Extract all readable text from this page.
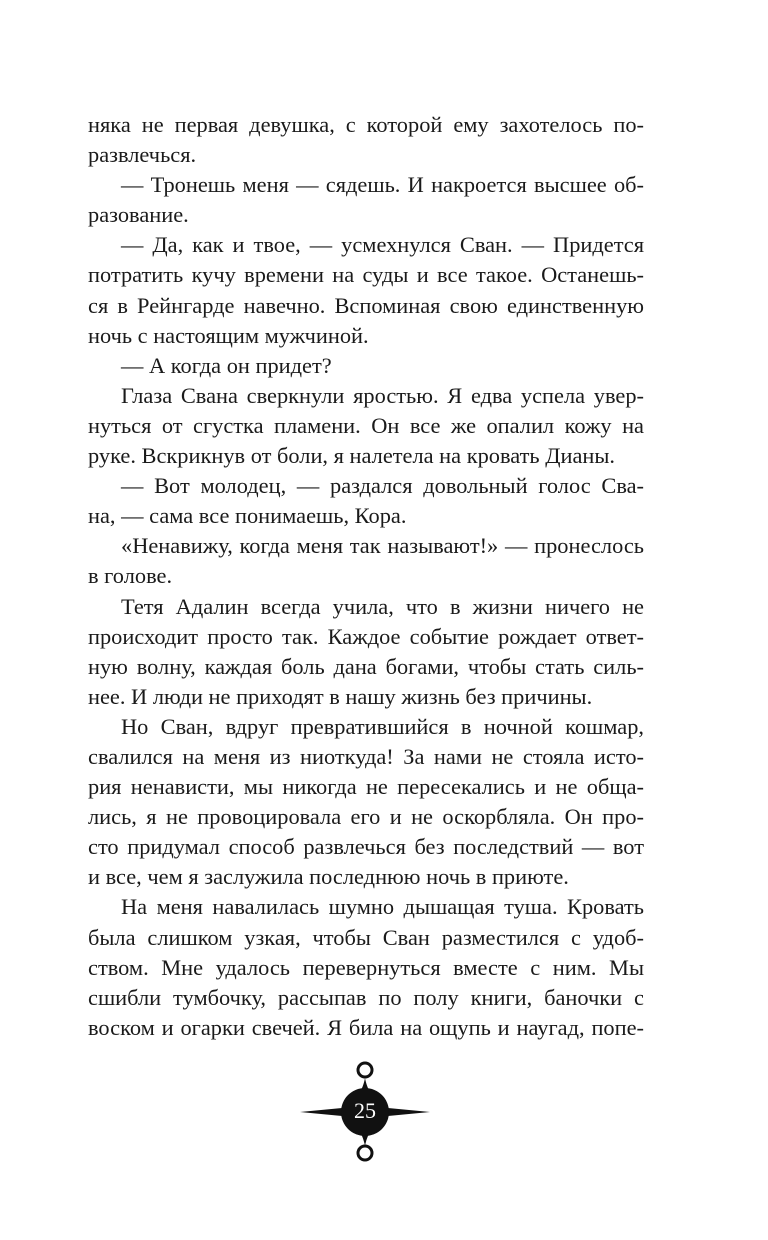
няка не первая девушка, с которой ему захотелось по-
развлечься.
— Тронешь меня — сядешь. И накроется высшее об-
разование.
— Да, как и твое, — усмехнулся Сван. — Придется
потратить кучу времени на суды и все такое. Останешь-
ся в Рейнгарде навечно. Вспоминая свою единственную
ночь с настоящим мужчиной.
— А когда он придет?
Глаза Свана сверкнули яростью. Я едва успела увер-
нуться от сгустка пламени. Он все же опалил кожу на
руке. Вскрикнув от боли, я налетела на кровать Дианы.
— Вот молодец, — раздался довольный голос Сва-
на, — сама все понимаешь, Кора.
«Ненавижу, когда меня так называют!» — пронеслось
в голове.
Тетя Адалин всегда учила, что в жизни ничего не
происходит просто так. Каждое событие рождает ответ-
ную волну, каждая боль дана богами, чтобы стать силь-
нее. И люди не приходят в нашу жизнь без причины.
Но Сван, вдруг превратившийся в ночной кошмар,
свалился на меня из ниоткуда! За нами не стояла исто-
рия ненависти, мы никогда не пересекались и не обща-
лись, я не провоцировала его и не оскорбляла. Он про-
сто придумал способ развлечься без последствий — вот
и все, чем я заслужила последнюю ночь в приюте.
На меня навалилась шумно дышащая туша. Кровать
была слишком узкая, чтобы Сван разместился с удоб-
ством. Мне удалось перевернуться вместе с ним. Мы
сшибли тумбочку, рассыпав по полу книги, баночки с
воском и огарки свечей. Я била на ощупь и наугад, попе-
25
